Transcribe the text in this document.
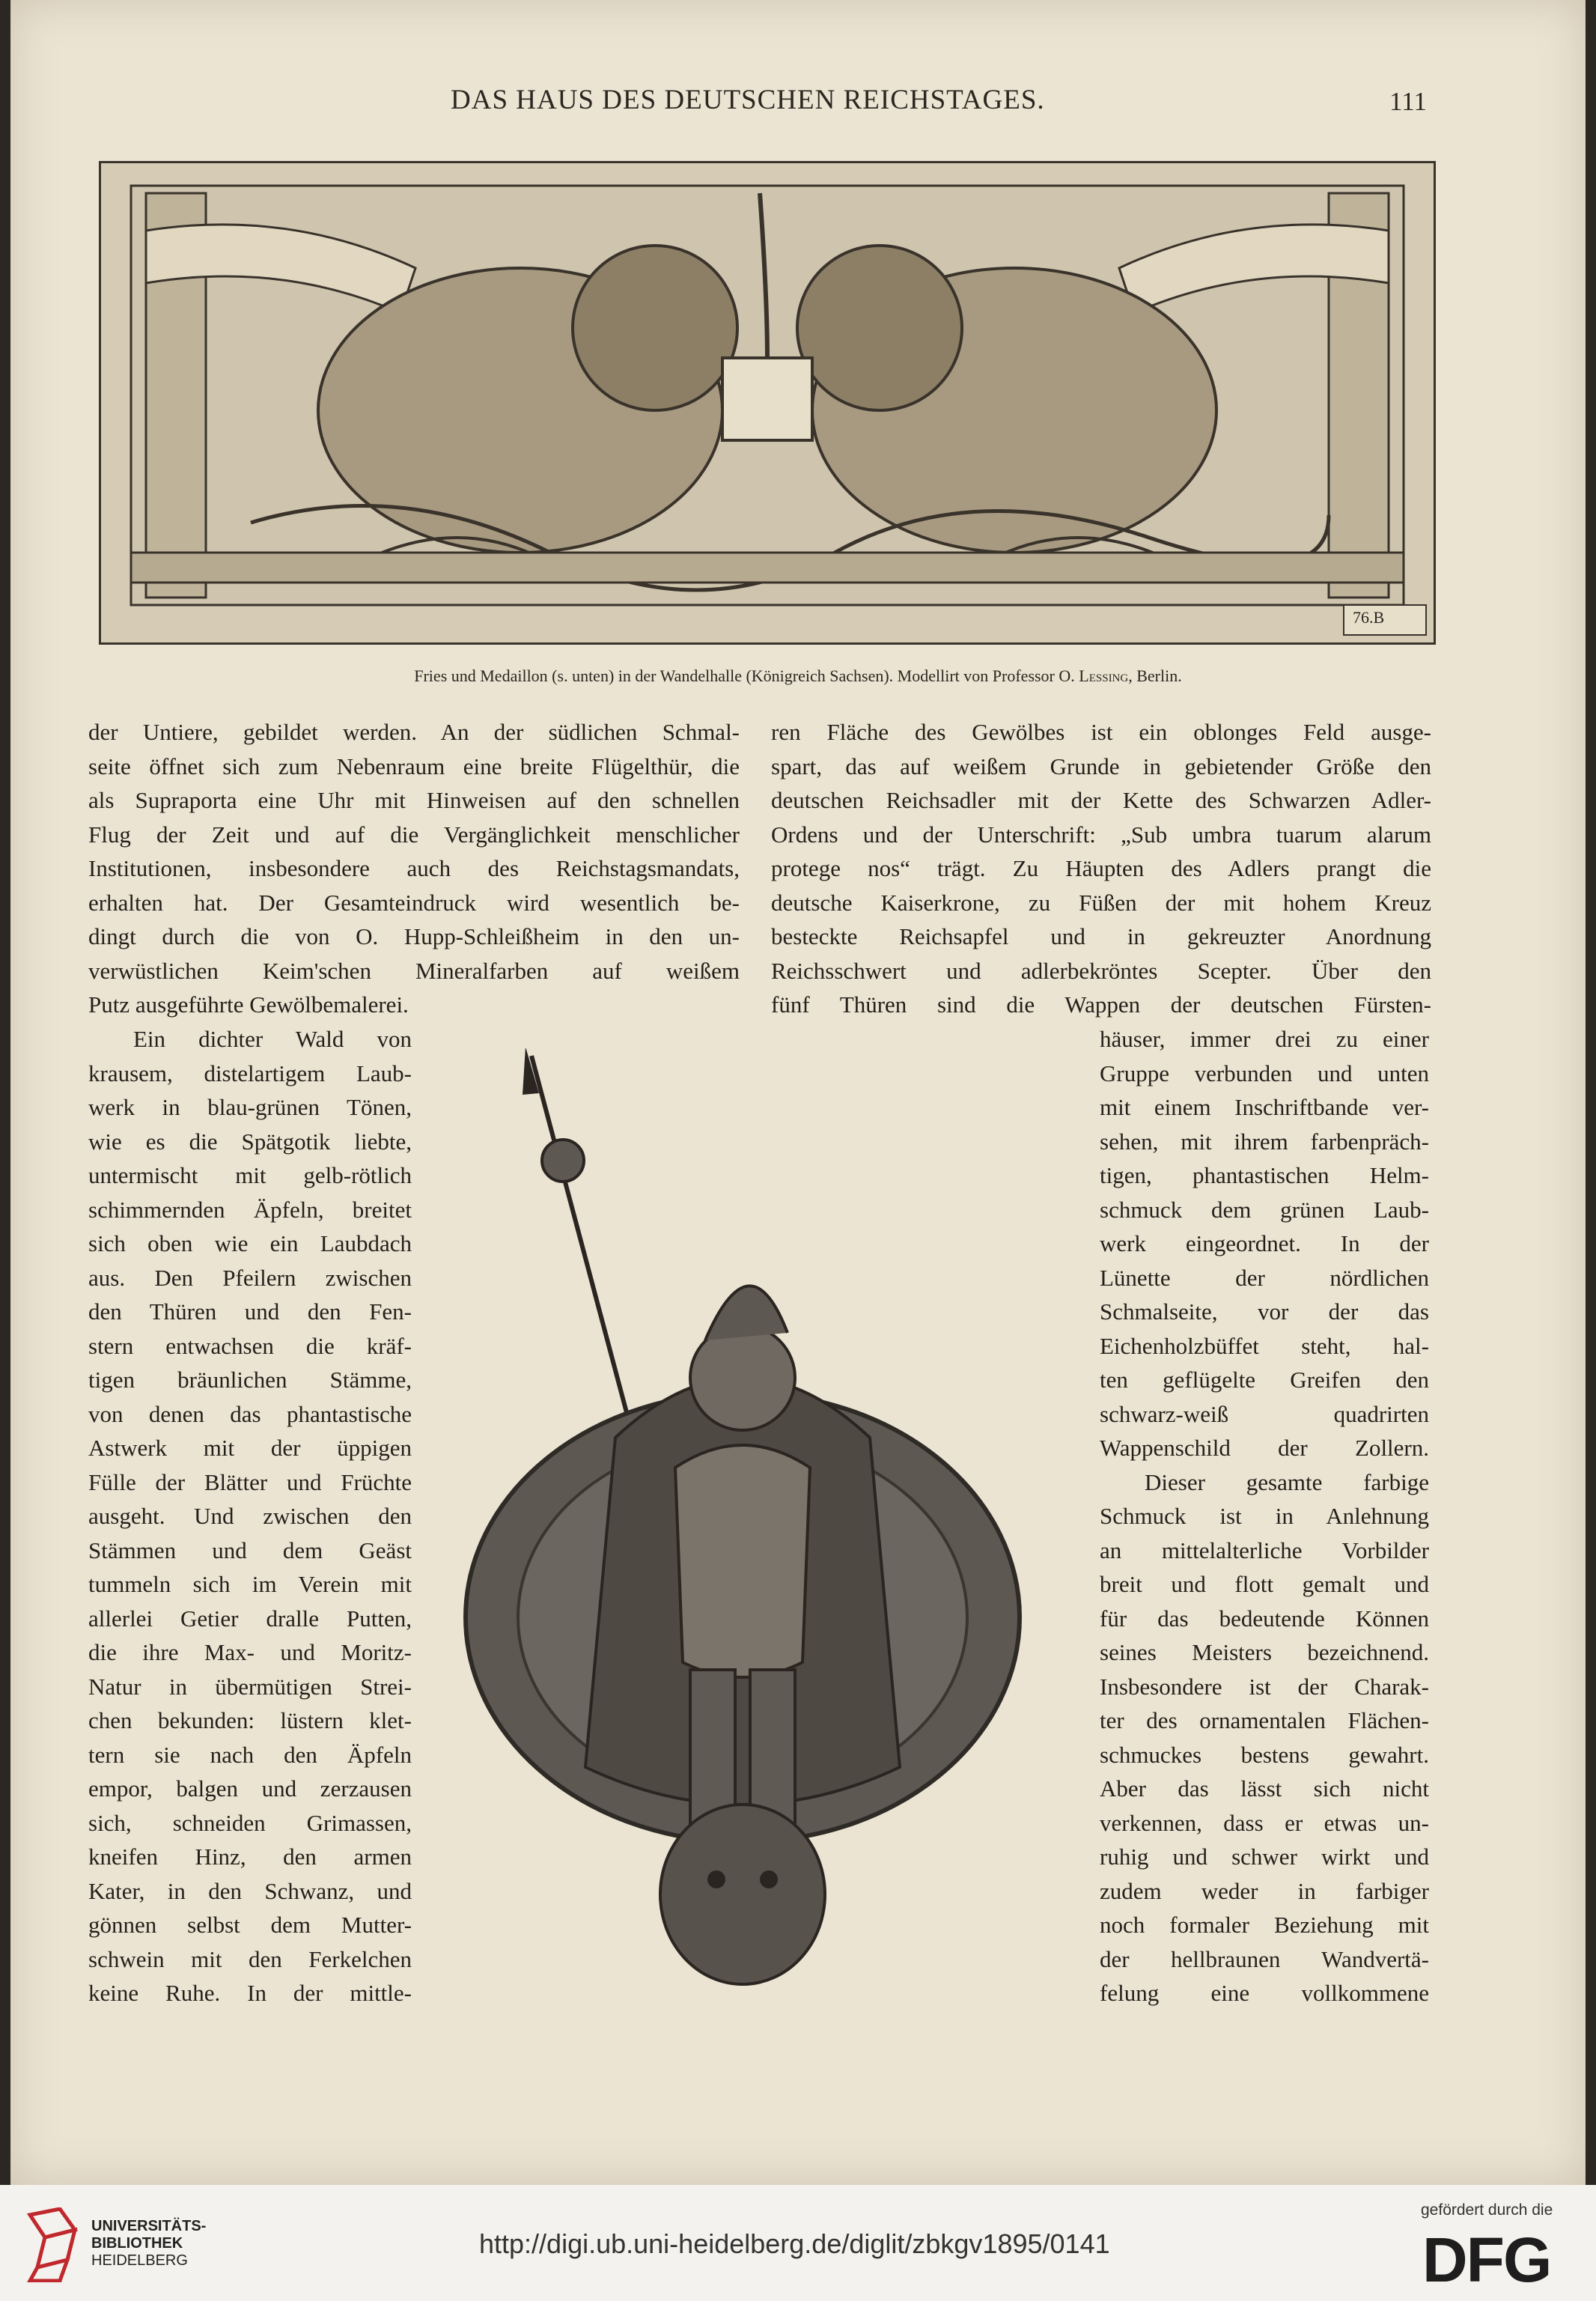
DAS HAUS DES DEUTSCHEN REICHSTAGES.	111
76.B
Fries und Medaillon (s. unten) in der Wandelhalle (Königreich Sachsen). Modellirt von Professor O. Lessing, Berlin.
der Untiere, gebildet werden. An der südlichen Schmal-
seite öffnet sich zum Nebenraum eine breite Flügelthür, die
als Supraporta eine Uhr mit Hinweisen auf den schnellen
Flug der Zeit und auf die Vergänglichkeit menschlicher
Institutionen, insbesondere auch des Reichstagsmandats,
erhalten hat. Der Gesamteindruck wird wesentlich be-
dingt durch die von O. Hupp-Schleißheim in den un-
verwüstlichen Keim'schen Mineralfarben auf weißem
Putz ausgeführte Gewölbemalerei.
ren Fläche des Gewölbes ist ein oblonges Feld ausge-
spart, das auf weißem Grunde in gebietender Größe den
deutschen Reichsadler mit der Kette des Schwarzen Adler-
Ordens und der Unterschrift: „Sub umbra tuarum alarum
protege nos“ trägt. Zu Häupten des Adlers prangt die
deutsche Kaiserkrone, zu Füßen der mit hohem Kreuz
besteckte Reichsapfel und in gekreuzter Anordnung
Reichsschwert und adlerbekröntes Scepter. Über den
fünf Thüren sind die Wappen der deutschen Fürsten-
Ein dichter Wald von
krausem, distelartigem Laub-
werk in blau-grünen Tönen,
wie es die Spätgotik liebte,
untermischt mit gelb-rötlich
schimmernden Äpfeln, breitet
sich oben wie ein Laubdach
aus. Den Pfeilern zwischen
den Thüren und den Fen-
stern entwachsen die kräf-
tigen bräunlichen Stämme,
von denen das phantastische
Astwerk mit der üppigen
Fülle der Blätter und Früchte
ausgeht. Und zwischen den
Stämmen und dem Geäst
tummeln sich im Verein mit
allerlei Getier dralle Putten,
die ihre Max- und Moritz-
Natur in übermütigen Strei-
chen bekunden: lüstern klet-
tern sie nach den Äpfeln
empor, balgen und zerzausen
sich, schneiden Grimassen,
kneifen Hinz, den armen
Kater, in den Schwanz, und
gönnen selbst dem Mutter-
schwein mit den Ferkelchen
keine Ruhe. In der mittle-
häuser, immer drei zu einer
Gruppe verbunden und unten
mit einem Inschriftbande ver-
sehen, mit ihrem farbenpräch-
tigen, phantastischen Helm-
schmuck dem grünen Laub-
werk eingeordnet. In der
Lünette der nördlichen
Schmalseite, vor der das
Eichenholzbüffet steht, hal-
ten geflügelte Greifen den
schwarz-weiß quadrirten
Wappenschild der Zollern.
Dieser gesamte farbige
Schmuck ist in Anlehnung
an mittelalterliche Vorbilder
breit und flott gemalt und
für das bedeutende Können
seines Meisters bezeichnend.
Insbesondere ist der Charak-
ter des ornamentalen Flächen-
schmuckes bestens gewahrt.
Aber das lässt sich nicht
verkennen, dass er etwas un-
ruhig und schwer wirkt und
zudem weder in farbiger
noch formaler Beziehung mit
der hellbraunen Wandvertä-
felung eine vollkommene
UNIVERSITÄTS-
BIBLIOTHEK
HEIDELBERG
http://digi.ub.uni-heidelberg.de/diglit/zbkgv1895/0141
gefördert durch die
DFG
